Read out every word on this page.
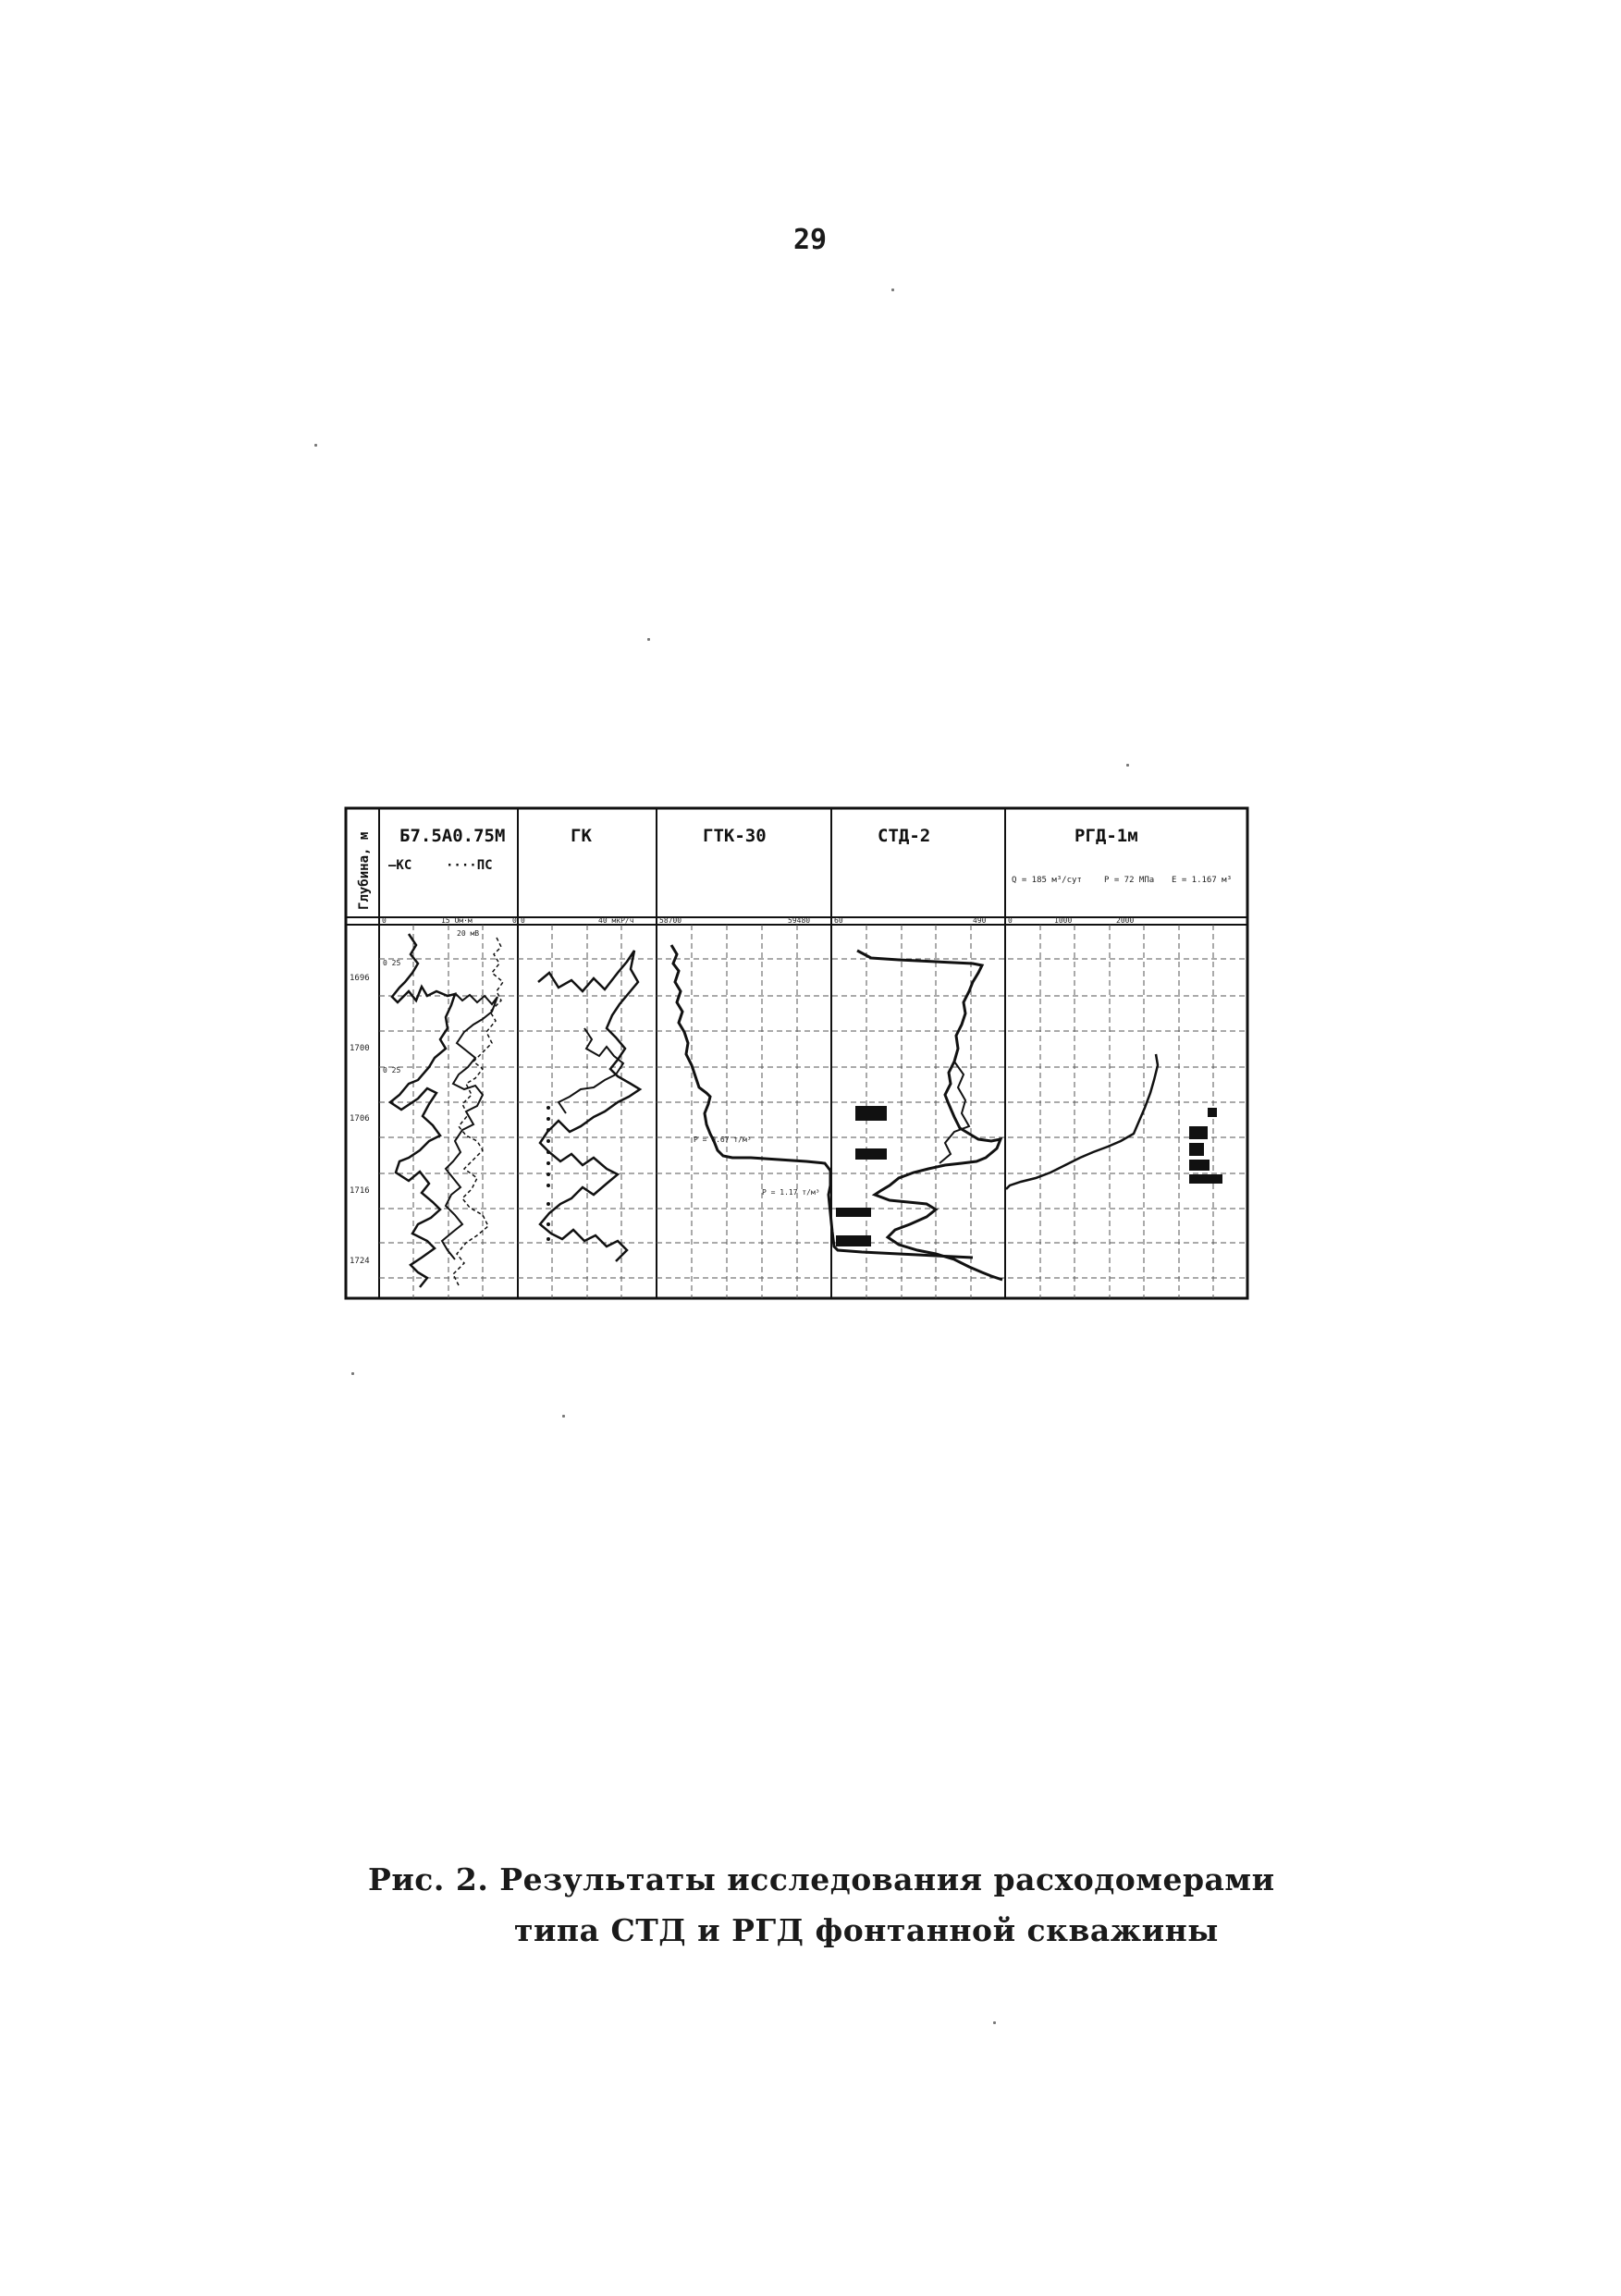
29
Глубина, м Б7.5А0.75М
—КС	····ПС
ГК	ГТК-30	СТД-2	РГД-1м
Q = 185 м³/сут	Р = 72 МПа Е = 1.167 м³
0	15 Ом·м	0 0	40 мкР/ч	58700	59480	60	490	0	1000	2000
1696
1700
1706
1716
1724
20 мВ
0 25
0 25
P = 0.67 т/м³
P = 1.17 т/м³
Рис. 2. Результаты исследования расходомерами
типа СТД и РГД фонтанной скважины
